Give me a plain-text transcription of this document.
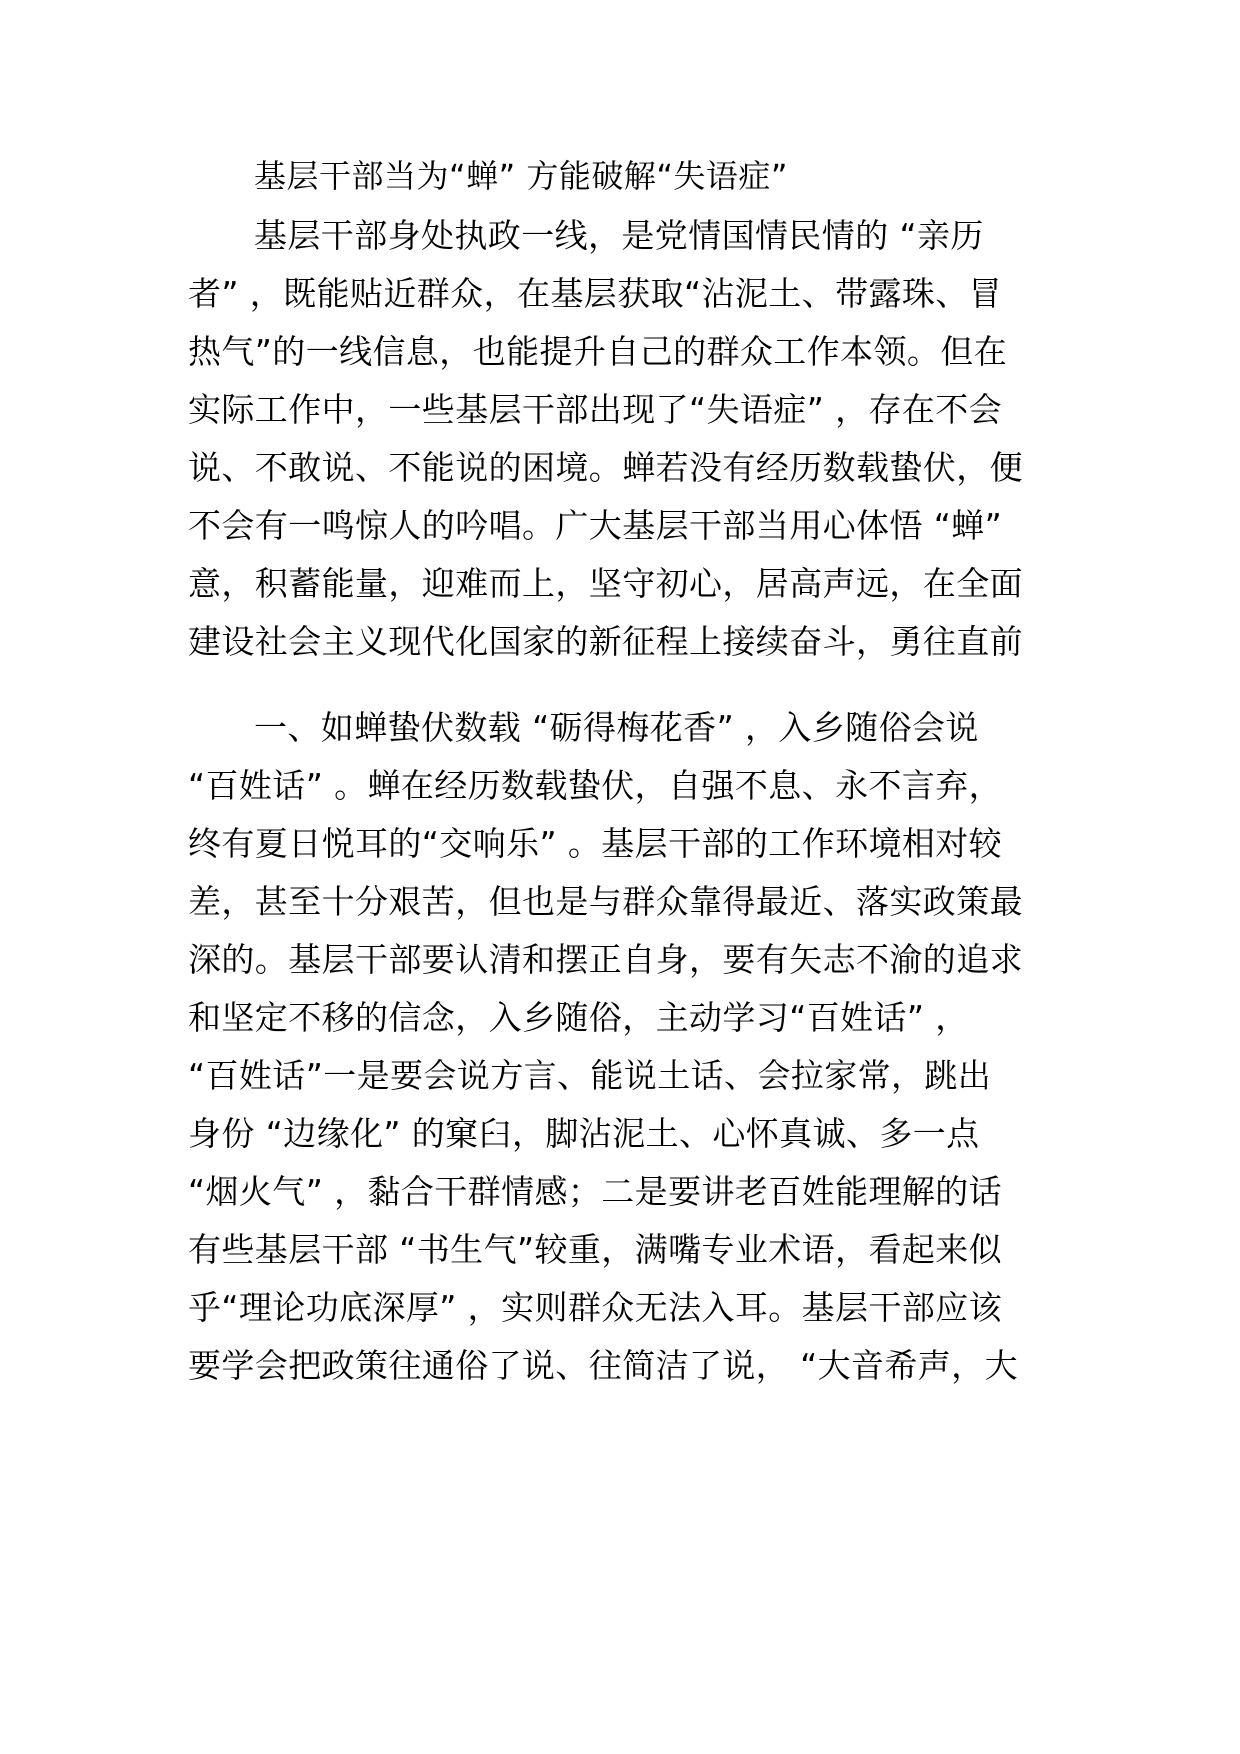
基层干部当为“蝉” 方能破解“失语症”
基层干部身处执政一线，是党情国情民情的 “亲历
者” ，既能贴近群众，在基层获取“沾泥土、带露珠、冒
热气”的一线信息，也能提升自己的群众工作本领。但在
实际工作中，一些基层干部出现了“失语症” ，存在不会
说、不敢说、不能说的困境。蝉若没有经历数载蛰伏，便
不会有一鸣惊人的吟唱。广大基层干部当用心体悟 “蝉”
意，积蓄能量，迎难而上，坚守初心，居高声远，在全面
建设社会主义现代化国家的新征程上接续奋斗，勇往直前
一、如蝉蛰伏数载 “砺得梅花香” ，入乡随俗会说
“百姓话” 。蝉在经历数载蛰伏，自强不息、永不言弃，
终有夏日悦耳的“交响乐” 。基层干部的工作环境相对较
差，甚至十分艰苦，但也是与群众靠得最近、落实政策最
深的。基层干部要认清和摆正自身，要有矢志不渝的追求
和坚定不移的信念，入乡随俗，主动学习“百姓话” ，
“百姓话”一是要会说方言、能说土话、会拉家常，跳出
身份 “边缘化” 的窠臼，脚沾泥土、心怀真诚、多一点
“烟火气” ，黏合干群情感；二是要讲老百姓能理解的话
有些基层干部 “书生气”较重，满嘴专业术语，看起来似
乎“理论功底深厚” ，实则群众无法入耳。基层干部应该
要学会把政策往通俗了说、往简洁了说， “大音希声，大
